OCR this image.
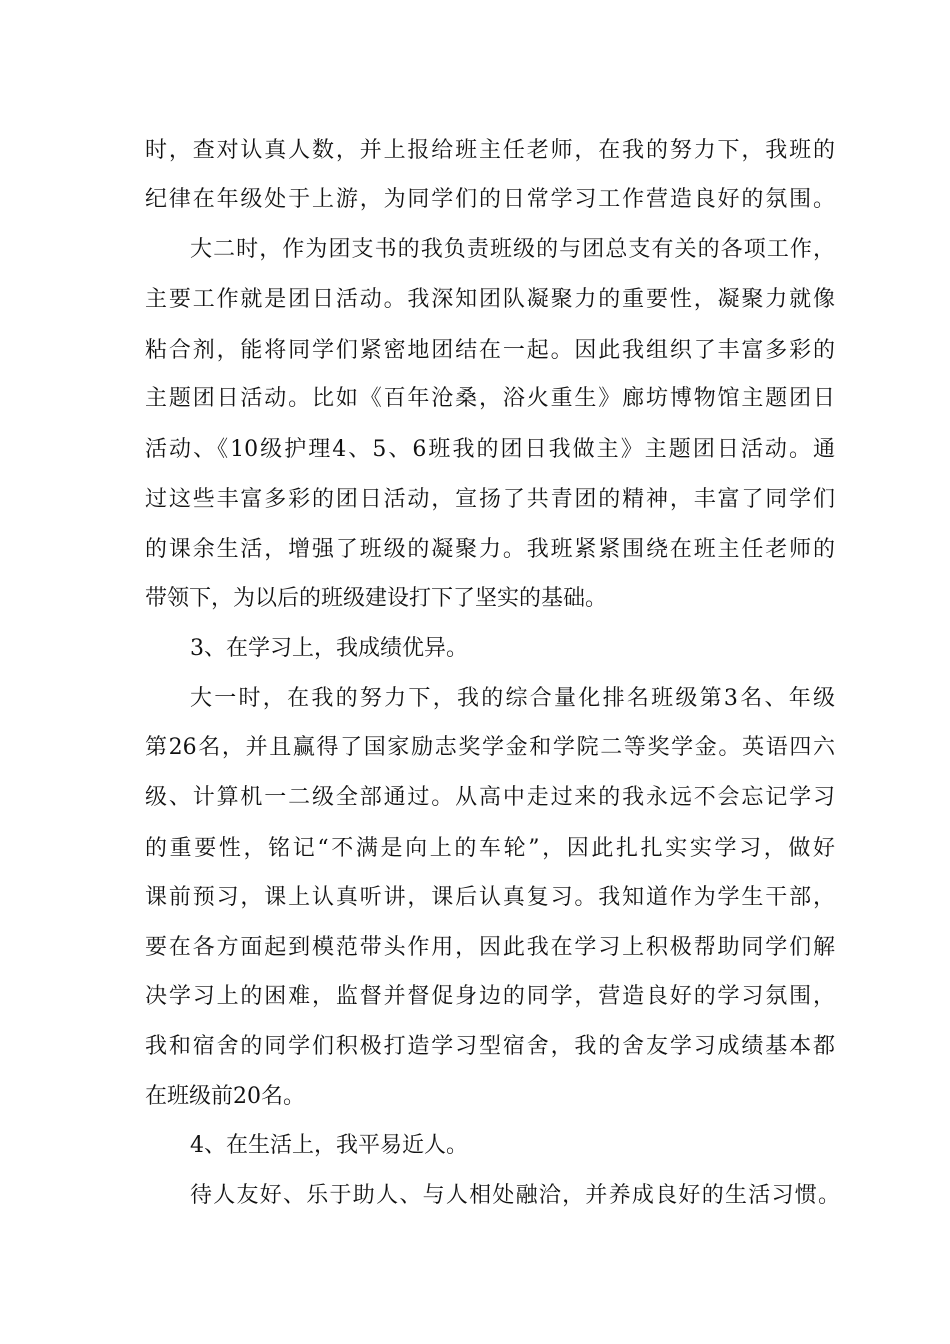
时，查对认真人数，并上报给班主任老师，在我的努力下，我班的
纪律在年级处于上游，为同学们的日常学习工作营造良好的氛围。
大二时，作为团支书的我负责班级的与团总支有关的各项工作，
主要工作就是团日活动。我深知团队凝聚力的重要性，凝聚力就像
粘合剂，能将同学们紧密地团结在一起。因此我组织了丰富多彩的
主题团日活动。比如《百年沧桑，浴火重生》廊坊博物馆主题团日
活动、《10级护理4、5、6班我的团日我做主》主题团日活动。通
过这些丰富多彩的团日活动，宣扬了共青团的精神，丰富了同学们
的课余生活，增强了班级的凝聚力。我班紧紧围绕在班主任老师的
带领下，为以后的班级建设打下了坚实的基础。
3、在学习上，我成绩优异。
大一时，在我的努力下，我的综合量化排名班级第3名、年级
第26名，并且赢得了国家励志奖学金和学院二等奖学金。英语四六
级、计算机一二级全部通过。从高中走过来的我永远不会忘记学习
的重要性，铭记“不满是向上的车轮”，因此扎扎实实学习，做好
课前预习，课上认真听讲，课后认真复习。我知道作为学生干部，
要在各方面起到模范带头作用，因此我在学习上积极帮助同学们解
决学习上的困难，监督并督促身边的同学，营造良好的学习氛围，
我和宿舍的同学们积极打造学习型宿舍，我的舍友学习成绩基本都
在班级前20名。
4、在生活上，我平易近人。
待人友好、乐于助人、与人相处融洽，并养成良好的生活习惯。
